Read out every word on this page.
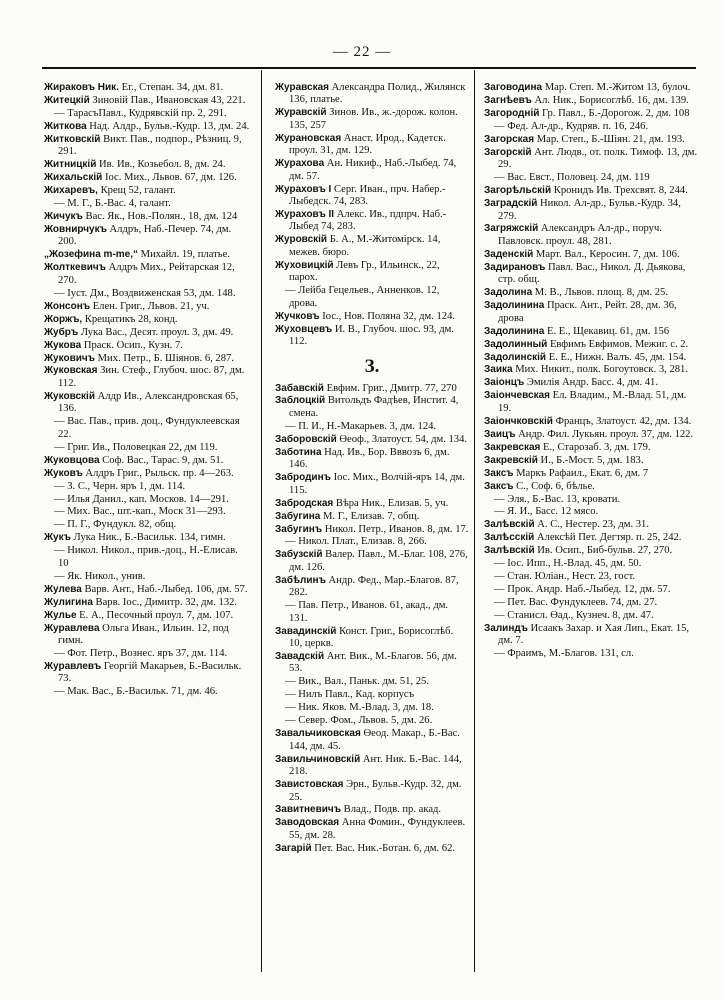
— 22 —
Жираковъ Ник. Ег., Степан. 34, дм. 81.
Житецкій Зиновій Пав., Ивановская 43, 221.
— ТарасъПавл., Кудрявскій пр. 2, 291.
Житкова Над. Алдр., Бульв.-Кудр. 13, дм. 24.
Житковскій Викт. Пав., подпор., Рѣзниц. 9, 291.
Житницкій Ив. Ив., Козьебол. 8, дм. 24.
Жихальскій Іос. Мих., Львов. 67, дм. 126.
Жихаревъ, Крещ 52, галант.
— М. Г., Б.-Вас. 4, галант.
Жичукъ Вас. Як., Нов.-Полян., 18, дм. 124
Жовнирчукъ Алдръ, Наб.-Печер. 74, дм. 200.
„Жозефина m-me,“ Михайл. 19, платье.
Жолткевичъ Алдръ Мих., Рейтарская 12, 270.
— Іуст. Дм., Воздвиженская 53, дм. 148.
Жонсонъ Елен. Григ., Львов. 21, уч.
Жоржъ, Крещатикъ 28, конд.
Жубръ Лука Вас., Десят. проул. 3, дм. 49.
Жукова Праск. Осип., Кузн. 7.
Жуковичъ Мих. Петр., Б. Шіянов. 6, 287.
Жуковская Зин. Стеф., Глубоч. шос. 87, дм. 112.
Жуковскій Алдр Ив., Александровская 65, 136.
— Вас. Пав., прив. доц., Фундуклеевская 22.
— Григ. Ив., Половецкая 22, дм 119.
Жуковцова Соф. Вас., Тарас. 9, дм. 51.
Жуковъ Алдръ Григ., Рыльск. пр. 4—263.
— З. С., Черн. яръ 1, дм. 114.
— Илья Данил., кап. Москов. 14—291.
— Мих. Вас., шт.-кап., Моск 31—293.
— П. Г., Фундукл. 82, общ.
Жукъ Лука Ник., Б.-Васильк. 134, гимн.
— Никол. Никол., прив.-доц., Н.-Елисав. 10
— Як. Никол., унив.
Жулева Варв. Ант., Наб.-Лыбед. 106, дм. 57.
Жулигина Варв. Іос., Димитр. 32, дм. 132.
Жулье Е. А., Песочный проул. 7, дм. 107.
Журавлева Ольга Иван., Ильин. 12, под гимн.
— Фот. Петр., Вознес. яръ 37, дм. 114.
Журавлевъ Георгій Макарьев, Б.-Васильк. 73.
— Мак. Вас., Б.-Васильк. 71, дм. 46.
Журавская Александра Полид., Жилянск 136, платье.
Журавскій Зинов. Ив., ж.-дорож. колон. 135, 257
Журановская Анаст. Ирод., Кадетск. проул. 31, дм. 129.
Журахова Ан. Никиф., Наб.-Лыбед. 74, дм. 57.
Жураховъ I Серг. Иван., прч. Набер.-Лыбедск. 74, 283.
Жураховъ II Алекс. Ив., пдпрч. Наб.-Лыбед 74, 283.
Журовскій Б. А., М.-Житомірск. 14, межев. бюро.
Жуховицкій Левъ Гр., Ильинск., 22, парох.
— Лейба Гецельев., Анненков. 12, дрова.
Жучковъ Іос., Нов. Поляна 32, дм. 124.
Жуховцевъ И. В., Глубоч. шос. 93, дм. 112.
З.
Забавскій Евфим. Григ., Дмитр. 77, 270
Заблоцкій Витольдъ Фадѣев, Инстит. 4, смена.
— П. И., Н.-Макарьев. 3, дм. 124.
Заборовскій Өеоф., Златоуст. 54, дм. 134.
Заботина Над. Ив., Бор. Вввозъ 6, дм. 146.
Забродинъ Іос. Мих., Волчій-яръ 14, дм. 115.
Забродская Вѣра Ник., Елизав. 5, уч.
Забугина М. Г., Елизав. 7, общ.
Забугинъ Никол. Петр., Иванов. 8, дм. 17.
— Никол. Плат., Елизав. 8, 266.
Забузскій Валер. Павл., М.-Благ. 108, 276, дм. 126.
Забѣлинъ Андр. Фед., Мар.-Благов. 87, 282.
— Пав. Петр., Иванов. 61, акад., дм. 131.
Завадинскій Конст. Григ., Борисоглѣб. 10, церкв.
Завадскій Ант. Вик., М.-Благов. 56, дм. 53.
— Вик., Вал., Паньк. дм. 51, 25.
— Нилъ Павл., Кад. корпусъ
— Ник. Яков. М.-Влад. 3, дм. 18.
— Север. Фом., Львов. 5, дм. 26.
Завальчиковская Өеод. Макар., Б.-Вас. 144, дм. 45.
Завильчиновскій Ант. Ник. Б.-Вас. 144, 218.
Завистовская Эрн., Бульв.-Кудр. 32, дм. 25.
Завитневичъ Влад., Подв. пр. акад.
Заводовская Анна Фомин., Фундуклеев. 55, дм. 28.
Загарій Пет. Вас. Ник.-Ботан. 6, дм. 62.
Заговодина Мар. Степ. М.-Житом 13, булоч.
Загнѣевъ Ал. Ник., Борисоглѣб. 16, дм. 139.
Загородній Гр. Павл., Б.-Дорогож. 2, дм. 108
— Фед. Ал-др., Кудряв. п. 16, 246.
Загорская Мар. Степ., Б.-Шіян. 21, дм. 193.
Загорскій Ант. Людв., от. полк. Тимоф. 13, дм. 29.
— Вас. Евст., Половец. 24, дм. 119
Загорѣльскій Кронидъ Ив. Трехсвят. 8, 244.
Заградскій Никол. Ал-др., Бульв.-Кудр. 34, 279.
Загряжскій Александръ Ал-др., поруч. Павловск. проул. 48, 281.
Заденскій Март. Вал., Керосин. 7, дм. 106.
Задирановъ Павл. Вас., Никол. Д. Дьякова, стр. общ.
Задолина М. В., Львов. площ. 8, дм. 25.
Задолинина Праск. Ант., Рейт. 28, дм. 36, дрова
Задолинина Е. Е., Щекавиц. 61, дм. 156
Задолинный Евфимъ Евфимов. Межиг. с. 2.
Задолинскій Е. Е., Нижн. Валъ. 45, дм. 154.
Заика Мих. Никит., полк. Богоутовск. 3, 281.
Заіонцъ Эмилія Андр. Басс. 4, дм. 41.
Заіончевская Ел. Владим., М.-Влад. 51, дм. 19.
Заіончковскій Францъ, Златоуст. 42, дм. 134.
Заицъ Андр. Фил. Лукьян. проул. 37, дм. 122.
Закревская Е., Старозаб. 3, дм. 179.
Закревскій И., Б.-Мост. 5, дм. 183.
Заксъ Маркъ Рафаил., Екат. 6, дм. 7
Заксъ С., Соф. 6, бѣлье.
— Эля., Б.-Вас. 13, кровати.
— Я. И., Басс. 12 мясо.
Залѣвскій А. С., Нестер. 23, дм. 31.
Залѣсскій Алексѣй Пет. Дегтяр. п. 25, 242.
Залѣвскій Ив. Осип., Биб-бульв. 27, 270.
— Іос. Ипп., Н.-Влад. 45, дм. 50.
— Стан. Юліан., Нест. 23, гост.
— Прок. Андр. Наб.-Лыбед. 12, дм. 57.
— Пет. Вас. Фундуклеев. 74, дм. 27.
— Станисл. Өад., Кузнеч. 8, дм. 47.
Залиндъ Исаакъ Захар. и Хая Лип., Екат. 15, дм. 7.
— Фраимъ, М.-Благов. 131, сл.
